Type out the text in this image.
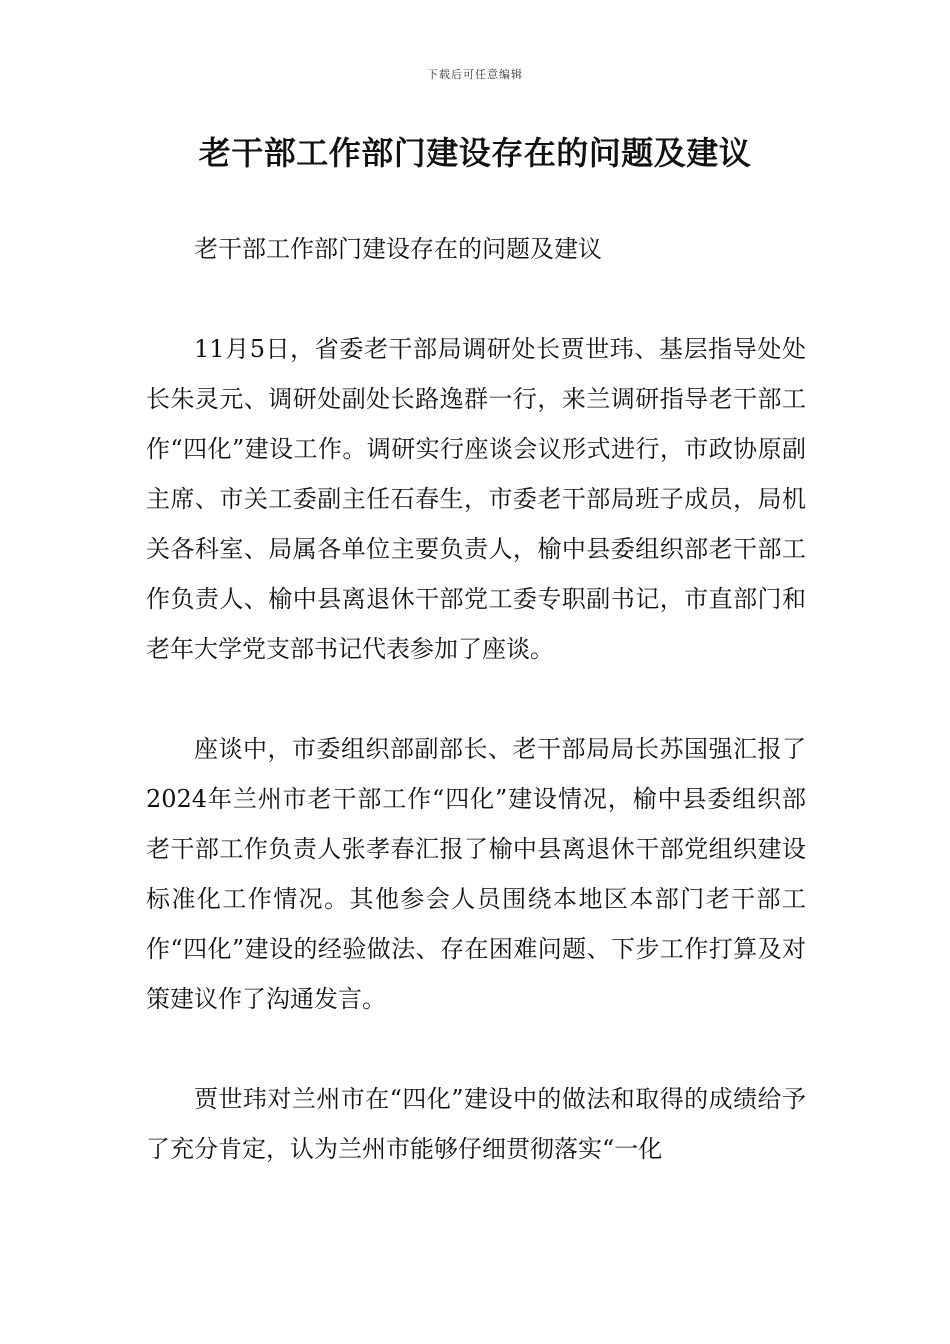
下载后可任意编辑
老干部工作部门建设存在的问题及建议

老干部工作部门建设存在的问题及建议

11月5日，省委老干部局调研处长贾世玮、基层指导处处长朱灵元、调研处副处长路逸群一行，来兰调研指导老干部工作“四化”建设工作。调研实行座谈会议形式进行，市政协原副主席、市关工委副主任石春生，市委老干部局班子成员，局机关各科室、局属各单位主要负责人，榆中县委组织部老干部工作负责人、榆中县离退休干部党工委专职副书记，市直部门和老年大学党支部书记代表参加了座谈。

座谈中，市委组织部副部长、老干部局局长苏国强汇报了2024年兰州市老干部工作“四化”建设情况，榆中县委组织部老干部工作负责人张孝春汇报了榆中县离退休干部党组织建设标准化工作情况。其他参会人员围绕本地区本部门老干部工作“四化”建设的经验做法、存在困难问题、下步工作打算及对策建议作了沟通发言。

贾世玮对兰州市在“四化”建设中的做法和取得的成绩给予了充分肯定，认为兰州市能够仔细贯彻落实“一化
